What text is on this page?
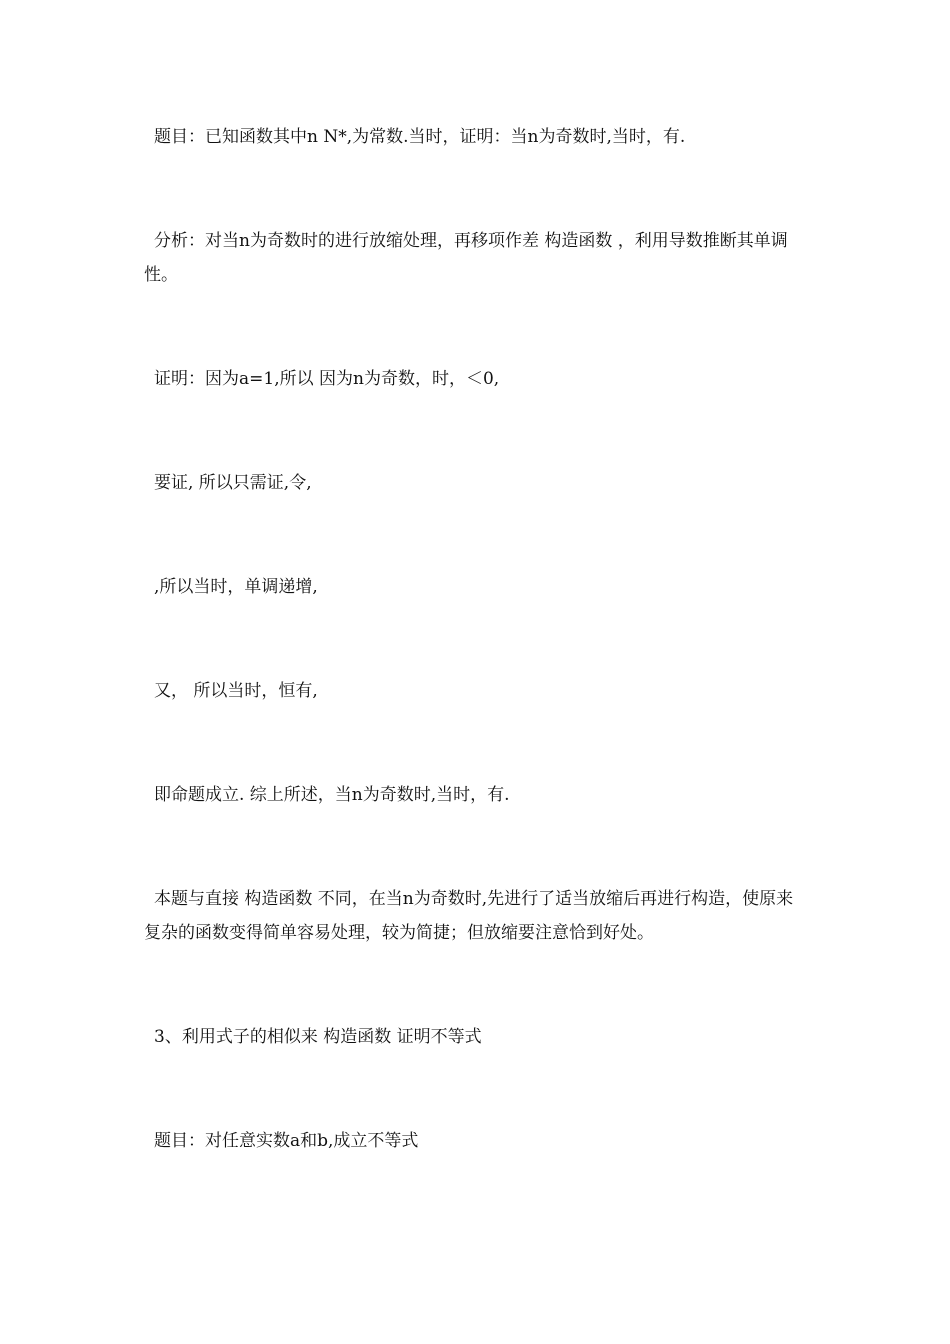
题目：已知函数其中n N*,为常数.当时，证明：当n为奇数时,当时，有.

分析：对当n为奇数时的进行放缩处理，再移项作差 构造函数 ，利用导数推断其单调性。

证明：因为a=1,所以 因为n为奇数，时，＜0,

要证, 所以只需证,令,

,所以当时，单调递增,

又， 所以当时，恒有,

即命题成立. 综上所述，当n为奇数时,当时，有.

本题与直接 构造函数 不同，在当n为奇数时,先进行了适当放缩后再进行构造，使原来复杂的函数变得简单容易处理，较为简捷；但放缩要注意恰到好处。

3、利用式子的相似来 构造函数 证明不等式

题目：对任意实数a和b,成立不等式
